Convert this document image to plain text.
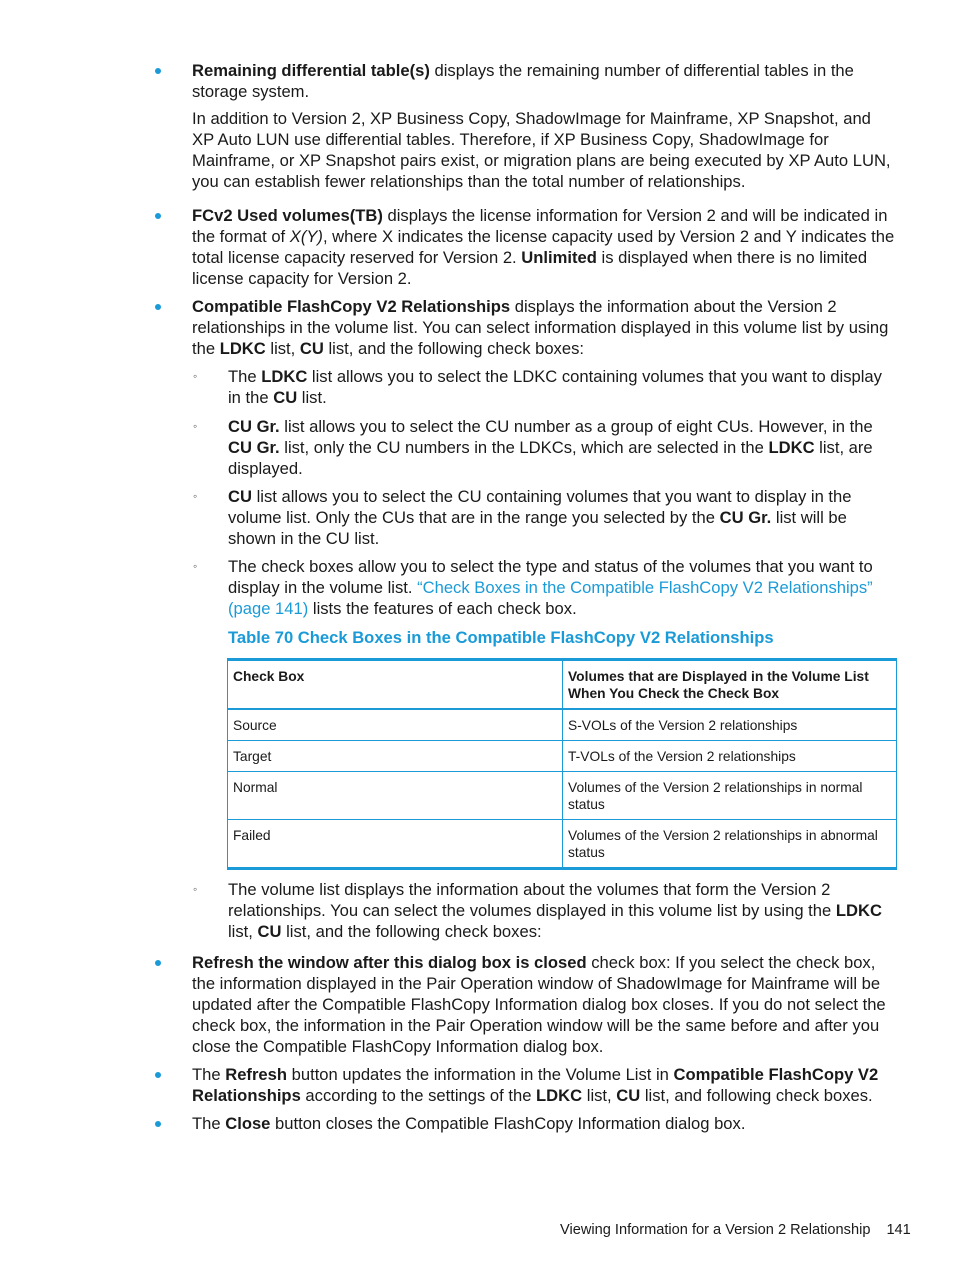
Remaining differential table(s) displays the remaining number of differential tables in the storage system.

In addition to Version 2, XP Business Copy, ShadowImage for Mainframe, XP Snapshot, and XP Auto LUN use differential tables. Therefore, if XP Business Copy, ShadowImage for Mainframe, or XP Snapshot pairs exist, or migration plans are being executed by XP Auto LUN, you can establish fewer relationships than the total number of relationships.

FCv2 Used volumes(TB) displays the license information for Version 2 and will be indicated in the format of X(Y), where X indicates the license capacity used by Version 2 and Y indicates the total license capacity reserved for Version 2. Unlimited is displayed when there is no limited license capacity for Version 2.

Compatible FlashCopy V2 Relationships displays the information about the Version 2 relationships in the volume list. You can select information displayed in this volume list by using the LDKC list, CU list, and the following check boxes:

◦ The LDKC list allows you to select the LDKC containing volumes that you want to display in the CU list.
◦ CU Gr. list allows you to select the CU number as a group of eight CUs. However, in the CU Gr. list, only the CU numbers in the LDKCs, which are selected in the LDKC list, are displayed.
◦ CU list allows you to select the CU containing volumes that you want to display in the volume list. Only the CUs that are in the range you selected by the CU Gr. list will be shown in the CU list.
◦ The check boxes allow you to select the type and status of the volumes that you want to display in the volume list. “Check Boxes in the Compatible FlashCopy V2 Relationships” (page 141) lists the features of each check box.
Table 70 Check Boxes in the Compatible FlashCopy V2 Relationships
Check Box	Volumes that are Displayed in the Volume List When You Check the Check Box
Source	S-VOLs of the Version 2 relationships
Target	T-VOLs of the Version 2 relationships
Normal	Volumes of the Version 2 relationships in normal status
Failed	Volumes of the Version 2 relationships in abnormal status
◦ The volume list displays the information about the volumes that form the Version 2 relationships. You can select the volumes displayed in this volume list by using the LDKC list, CU list, and the following check boxes:

Refresh the window after this dialog box is closed check box: If you select the check box, the information displayed in the Pair Operation window of ShadowImage for Mainframe will be updated after the Compatible FlashCopy Information dialog box closes. If you do not select the check box, the information in the Pair Operation window will be the same before and after you close the Compatible FlashCopy Information dialog box.

The Refresh button updates the information in the Volume List in Compatible FlashCopy V2 Relationships according to the settings of the LDKC list, CU list, and following check boxes.

The Close button closes the Compatible FlashCopy Information dialog box.

Viewing Information for a Version 2 Relationship 141
